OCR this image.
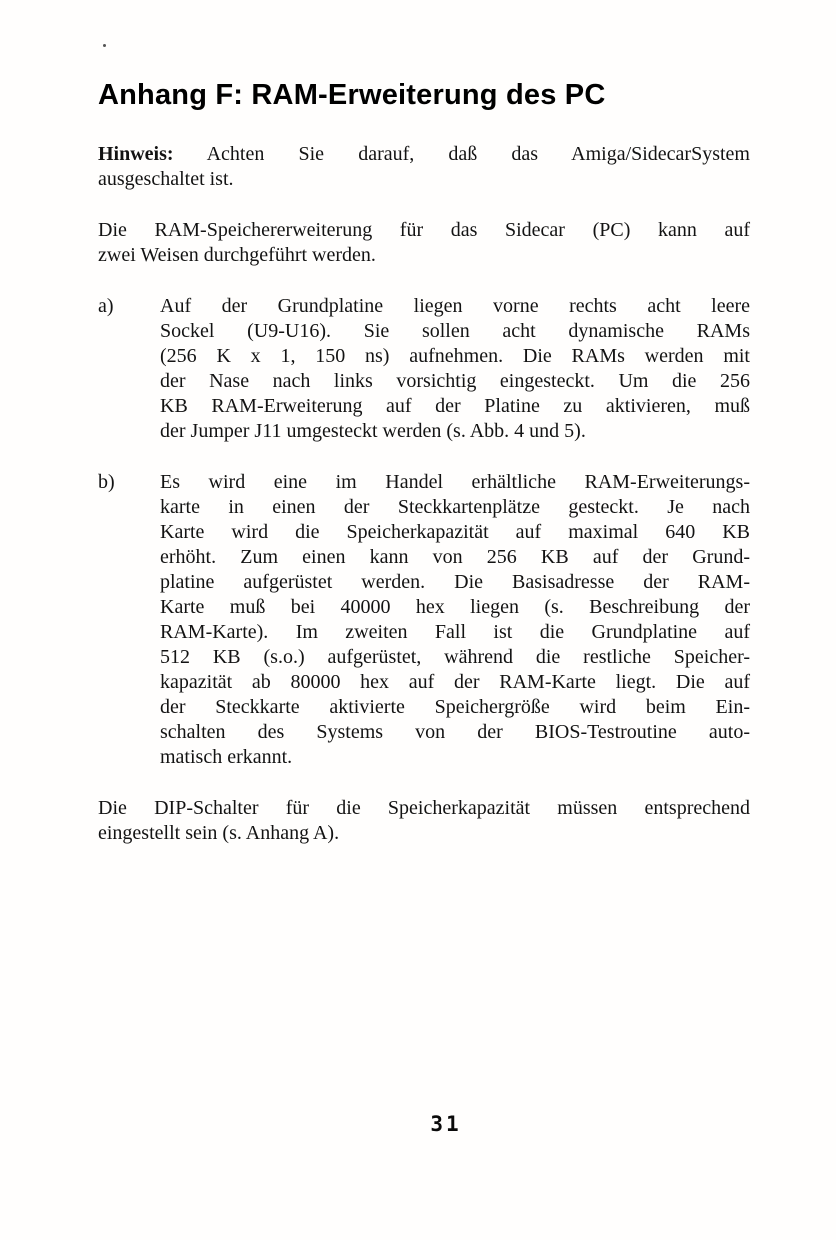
Anhang F: RAM-Erweiterung des PC

Hinweis: Achten Sie darauf, daß das Amiga/SidecarSystem
ausgeschaltet ist.

Die RAM-Speichererweiterung für das Sidecar (PC) kann auf
zwei Weisen durchgeführt werden.

a)	Auf der Grundplatine liegen vorne rechts acht leere
Sockel (U9-U16). Sie sollen acht dynamische RAMs
(256 K x 1, 150 ns) aufnehmen. Die RAMs werden mit
der Nase nach links vorsichtig eingesteckt. Um die 256
KB RAM-Erweiterung auf der Platine zu aktivieren, muß
der Jumper J11 umgesteckt werden (s. Abb. 4 und 5).
b)	Es wird eine im Handel erhältliche RAM-Erweiterungs-
karte in einen der Steckkartenplätze gesteckt. Je nach
Karte wird die Speicherkapazität auf maximal 640 KB
erhöht. Zum einen kann von 256 KB auf der Grund-
platine aufgerüstet werden. Die Basisadresse der RAM-
Karte muß bei 40000 hex liegen (s. Beschreibung der
RAM-Karte). Im zweiten Fall ist die Grundplatine auf
512 KB (s.o.) aufgerüstet, während die restliche Speicher-
kapazität ab 80000 hex auf der RAM-Karte liegt. Die auf
der Steckkarte aktivierte Speichergröße wird beim Ein-
schalten des Systems von der BIOS-Testroutine auto-
matisch erkannt.

Die DIP-Schalter für die Speicherkapazität müssen entsprechend
eingestellt sein (s. Anhang A).

31
